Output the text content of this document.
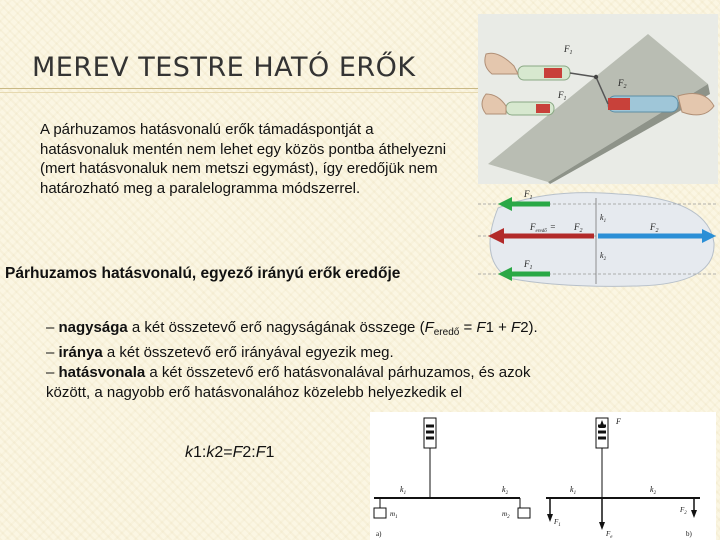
MEREV TESTRE HATÓ ERŐK
A párhuzamos hatásvonalú erők támadáspontját a hatásvonaluk mentén nem lehet egy közös pontba áthelyezni (mert hatásvonaluk nem metszi egymást), így eredőjük nem határozható meg a paralelogramma módszerrel.
Párhuzamos hatásvonalú, egyező irányú erők eredője
– nagysága a két összetevő erő nagyságának összege $(F_{eredő} = F1 + F2)$.
– iránya a két összetevő erő irányával egyezik meg.
– hatásvonala a két összetevő erő hatásvonalával párhuzamos, és azok
között, a nagyobb erő hatásvonalához közelebb helyezkedik el
k1:k2=F2:F1
$F_1$
$F_1$
$F_2$
$F_1$
$F_{eredő} = F_2$	$F_2$
$F_1$
$k_1$
$k_2$
$k_1$	$k_2$
$m_1$	$m_2$
a)
F
$k_1$	$k_2$
$F_1$
$F_e$
$F_2$
b)
